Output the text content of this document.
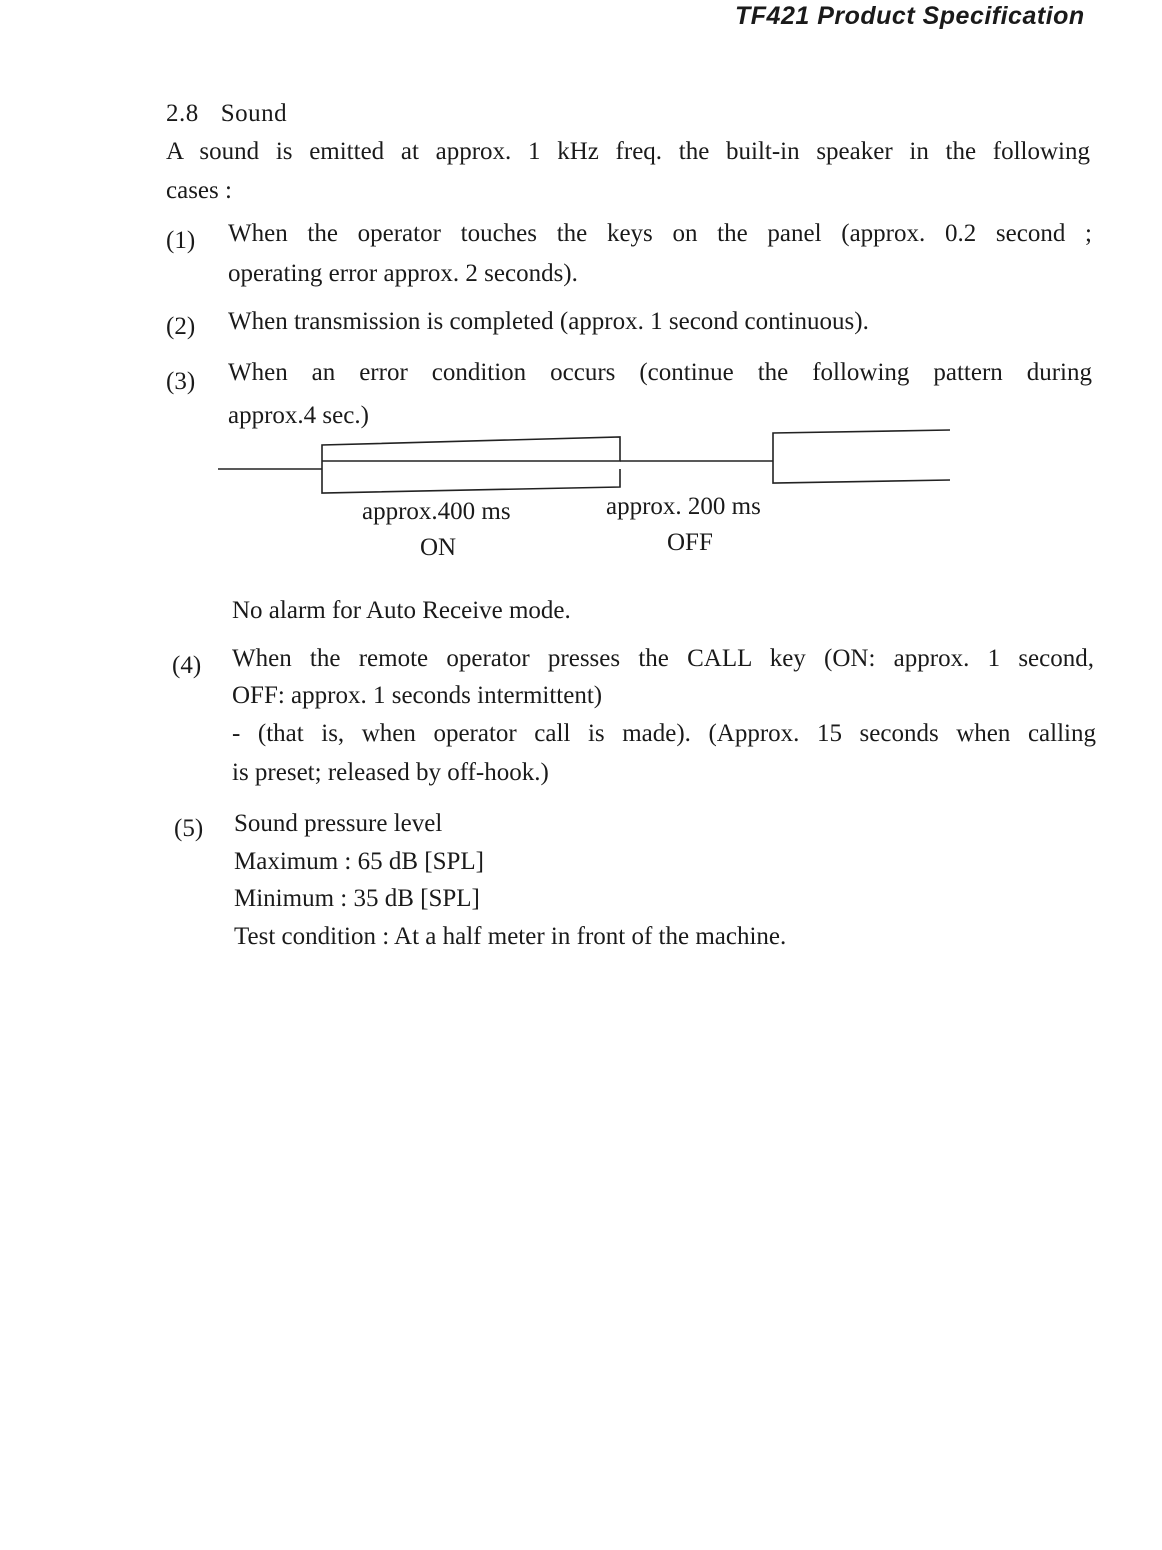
TF421 Product Specification
2.8 Sound
A sound is emitted at approx. 1 kHz freq. the built-in speaker in the following
cases :
(1) When the operator touches the keys on the panel (approx. 0.2 second ;
operating error approx. 2 seconds).
(2) When transmission is completed (approx. 1 second continuous).
(3) When an error condition occurs (continue the following pattern during
approx.4 sec.)
approx.400 ms
ON
approx. 200 ms
OFF
No alarm for Auto Receive mode.
(4) When the remote operator presses the CALL key (ON: approx. 1 second,
OFF: approx. 1 seconds intermittent)
- (that is, when operator call is made). (Approx. 15 seconds when calling
is preset; released by off-hook.)
(5) Sound pressure level
Maximum : 65 dB [SPL]
Minimum : 35 dB [SPL]
Test condition : At a half meter in front of the machine.
